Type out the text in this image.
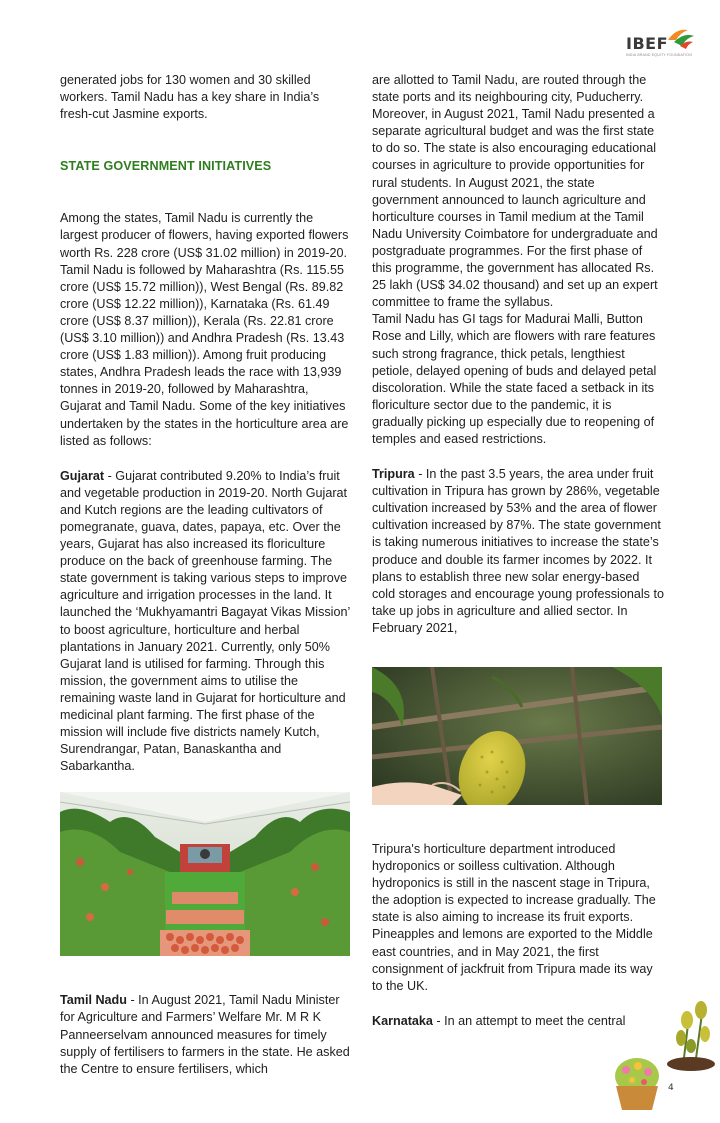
IBEF
INDIA BRAND EQUITY FOUNDATION

generated jobs for 130 women and 30 skilled workers. Tamil Nadu has a key share in India’s fresh-cut Jasmine exports.

STATE GOVERNMENT INITIATIVES

Among the states, Tamil Nadu is currently the largest producer of flowers, having exported flowers worth Rs. 228 crore (US$ 31.02 million) in 2019-20. Tamil Nadu is followed by Maharashtra (Rs. 115.55 crore (US$ 15.72 million)), West Bengal (Rs. 89.82 crore (US$ 12.22 million)), Karnataka (Rs. 61.49 crore (US$ 8.37 million)), Kerala (Rs. 22.81 crore (US$ 3.10 million)) and Andhra Pradesh (Rs. 13.43 crore (US$ 1.83 million)). Among fruit producing states, Andhra Pradesh leads the race with 13,939 tonnes in 2019-20, followed by Maharashtra, Gujarat and Tamil Nadu. Some of the key initiatives undertaken by the states in the horticulture area are listed as follows:

Gujarat - Gujarat contributed 9.20% to India’s fruit and vegetable production in 2019-20. North Gujarat and Kutch regions are the leading cultivators of pomegranate, guava, dates, papaya, etc. Over the years, Gujarat has also increased its floriculture produce on the back of greenhouse farming. The state government is taking various steps to improve agriculture and irrigation processes in the land. It launched the ‘Mukhyamantri Bagayat Vikas Mission’ to boost agriculture, horticulture and herbal plantations in January 2021. Currently, only 50% Gujarat land is utilised for farming. Through this mission, the government aims to utilise the remaining waste land in Gujarat for horticulture and medicinal plant farming. The first phase of the mission will include five districts namely Kutch, Surendrangar, Patan, Banaskantha and Sabarkantha.

Tamil Nadu - In August 2021, Tamil Nadu Minister for Agriculture and Farmers’ Welfare Mr. M R K Panneerselvam announced measures for timely supply of fertilisers to farmers in the state. He asked the Centre to ensure fertilisers, which

are allotted to Tamil Nadu, are routed through the state ports and its neighbouring city, Puducherry. Moreover, in August 2021, Tamil Nadu presented a separate agricultural budget and was the first state to do so. The state is also encouraging educational courses in agriculture to provide opportunities for rural students. In August 2021, the state government announced to launch agriculture and horticulture courses in Tamil medium at the Tamil Nadu University Coimbatore for undergraduate and postgraduate programmes. For the first phase of this programme, the government has allocated Rs. 25 lakh (US$ 34.02 thousand) and set up an expert committee to frame the syllabus.

Tamil Nadu has GI tags for Madurai Malli, Button Rose and Lilly, which are flowers with rare features such strong fragrance, thick petals, lengthiest petiole, delayed opening of buds and delayed petal discoloration. While the state faced a setback in its floriculture sector due to the pandemic, it is gradually picking up especially due to reopening of temples and eased restrictions.

Tripura - In the past 3.5 years, the area under fruit cultivation in Tripura has grown by 286%, vegetable cultivation increased by 53% and the area of flower cultivation increased by 87%. The state government is taking numerous initiatives to increase the state’s produce and double its farmer incomes by 2022. It plans to establish three new solar energy-based cold storages and encourage young professionals to take up jobs in agriculture and allied sector. In February 2021,

Tripura's horticulture department introduced hydroponics or soilless cultivation. Although hydroponics is still in the nascent stage in Tripura, the adoption is expected to increase gradually. The state is also aiming to increase its fruit exports. Pineapples and lemons are exported to the Middle east countries, and in May 2021, the first consignment of jackfruit from Tripura made its way to the UK.

Karnataka - In an attempt to meet the central

4
